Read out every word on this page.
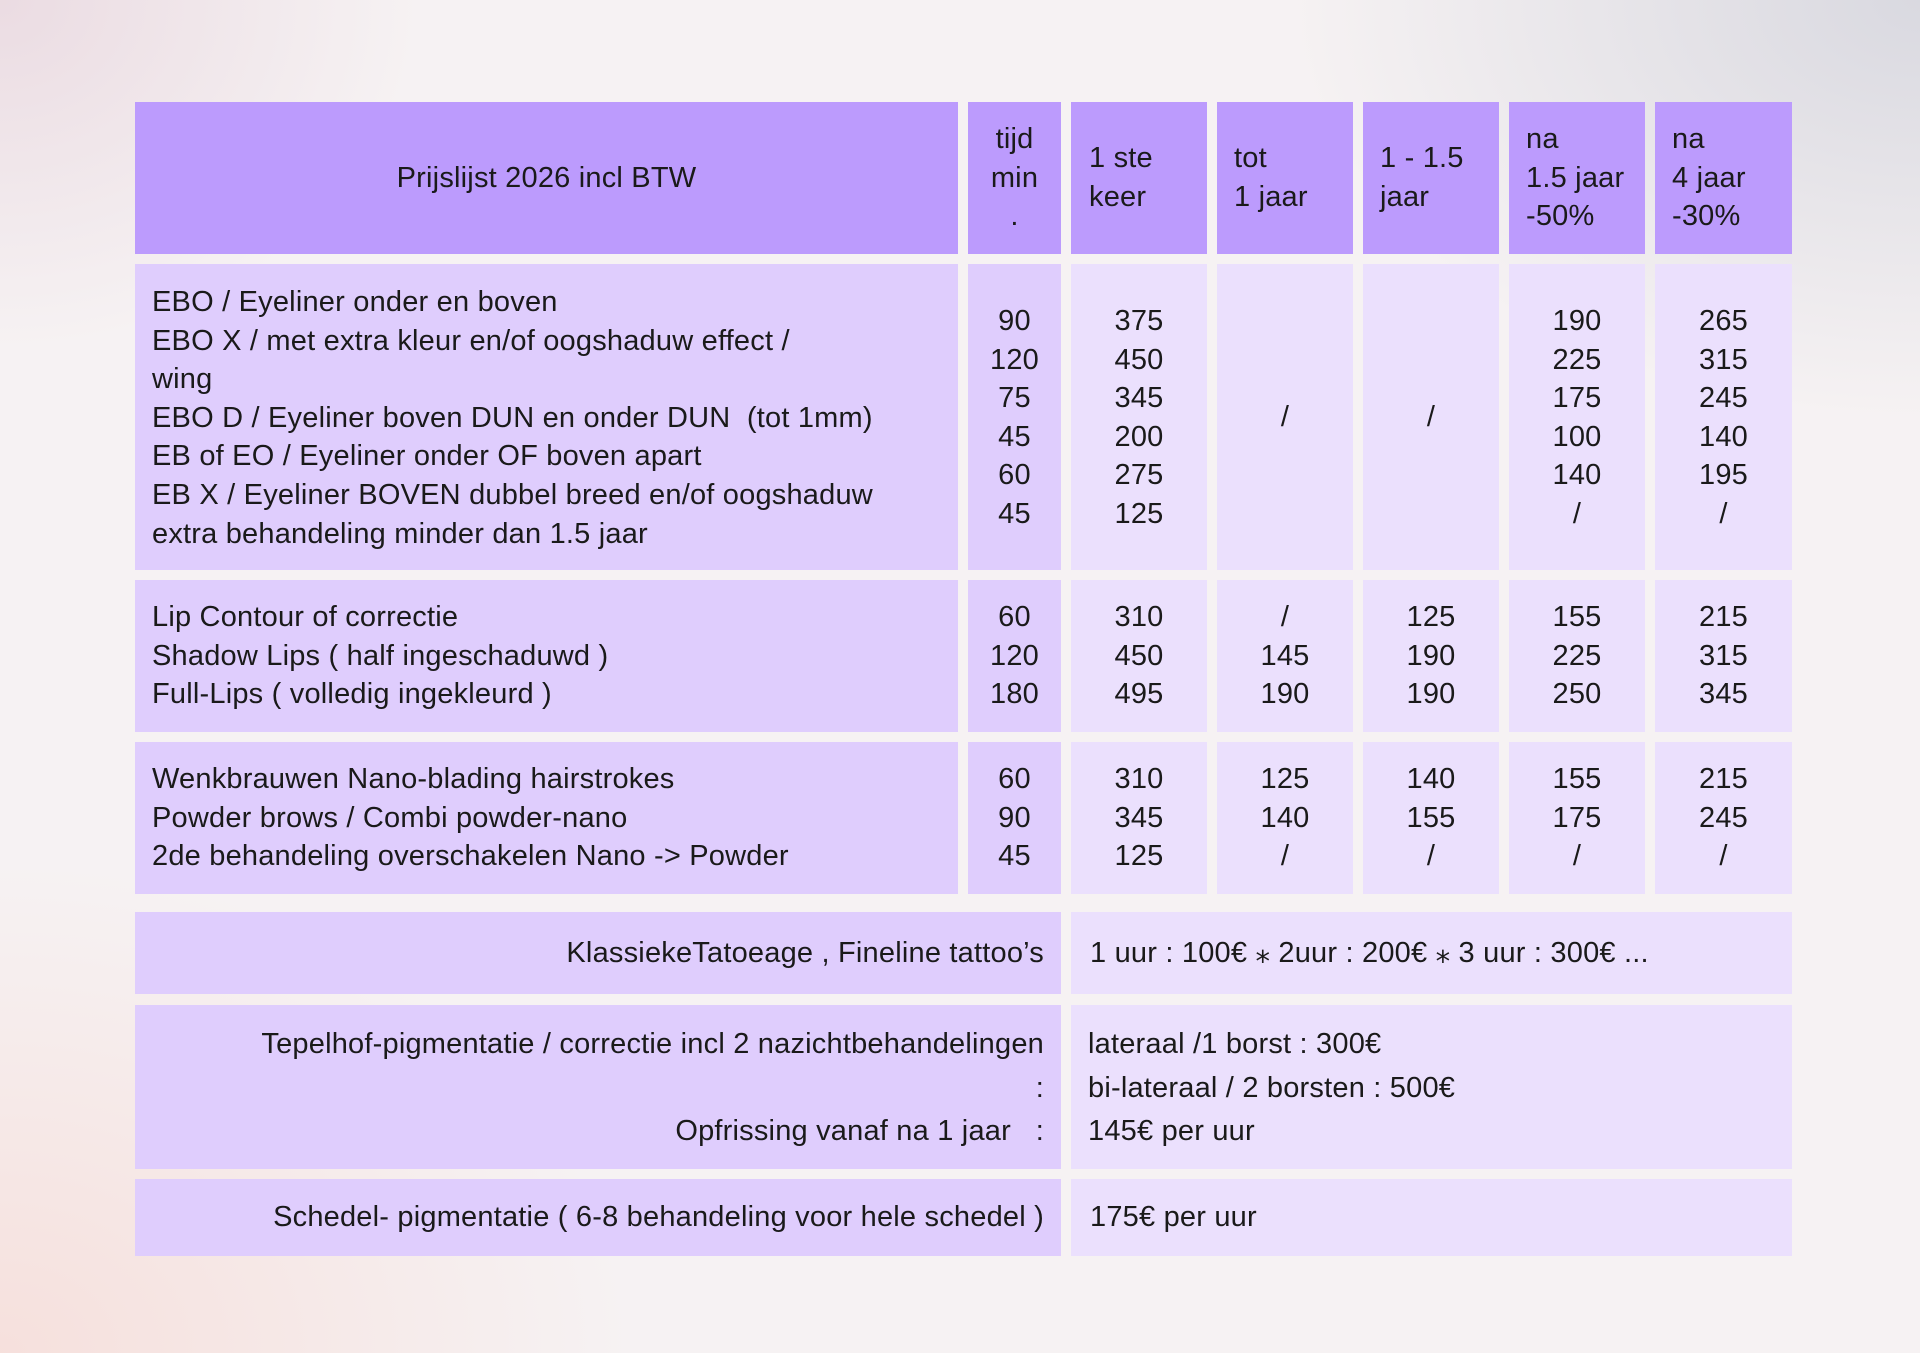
Prijslijst 2026 incl BTW
tijd
min
.
1 ste
keer
tot
1 jaar
1 - 1.5
jaar
na
1.5 jaar
-50%
na
4 jaar
-30%
EBO / Eyeliner onder en boven
EBO X / met extra kleur en/of oogshaduw effect /
wing
EBO D / Eyeliner boven DUN en onder DUN  (tot 1mm)
EB of EO / Eyeliner onder OF boven apart
EB X / Eyeliner BOVEN dubbel breed en/of oogshaduw
extra behandeling minder dan 1.5 jaar
90
120
75
45
60
45
375
450
345
200
275
125
/	/
190
225
175
100
140
/
265
315
245
140
195
/
Lip Contour of correctie
Shadow Lips ( half ingeschaduwd )
Full-Lips ( volledig ingekleurd )
60
120
180
310
450
495
/
145
190
125
190
190
155
225
250
215
315
345
Wenkbrauwen Nano-blading hairstrokes
Powder brows / Combi powder-nano
2de behandeling overschakelen Nano -> Powder
60
90
45
310
345
125
125
140
/
140
155
/
155
175
/
215
245
/
KlassiekeTatoeage , Fineline tattoo’s 1 uur : 100€ ⁎ 2uur : 200€ ⁎ 3 uur : 300€ ...
Tepelhof-pigmentatie / correctie incl 2 nazichtbehandelingen
:
Opfrissing vanaf na 1 jaar   :
lateraal /1 borst : 300€
bi-lateraal / 2 borsten : 500€
145€ per uur
Schedel- pigmentatie ( 6-8 behandeling voor hele schedel ) 175€ per uur
